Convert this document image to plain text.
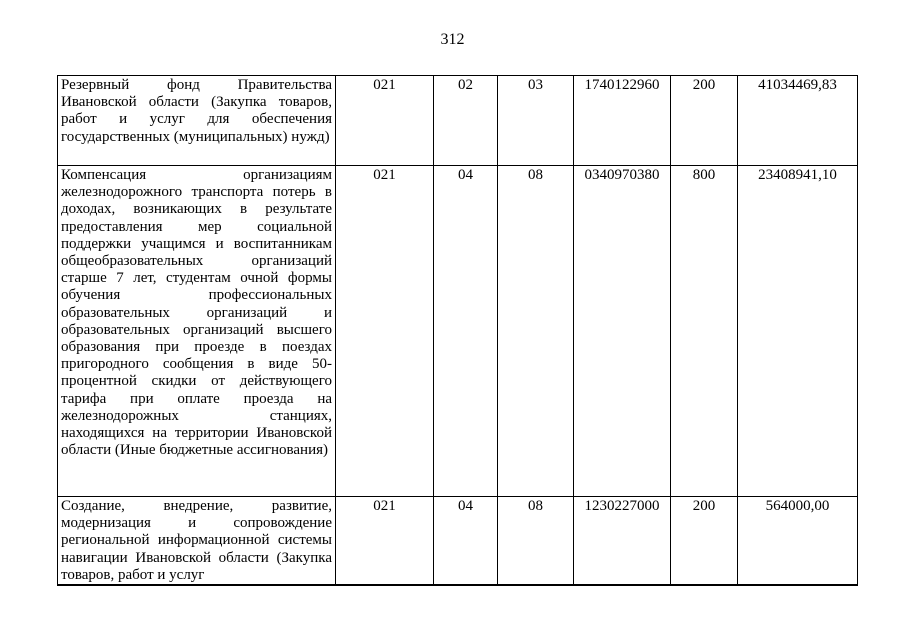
312
Резервный фонд Правительства Ивановской области (Закупка товаров, работ и услуг для обеспечения государственных (муниципальных) нужд)	021	02	03	1740122960	200	41034469,83
Компенсация организациям железнодорожного транспорта потерь в доходах, возникающих в результате предоставления мер социальной поддержки учащимся и воспитанникам общеобразовательных организаций старше 7 лет, студентам очной формы обучения профессиональных образовательных организаций и образовательных организаций высшего образования при проезде в поездах пригородного сообщения в виде 50-процентной скидки от действующего тарифа при оплате проезда на железнодорожных станциях, находящихся на территории Ивановской области (Иные бюджетные ассигнования)	021	04	08	0340970380	800	23408941,10

Создание, внедрение, развитие, модернизация и сопровождение региональной информационной системы навигации Ивановской области (Закупка товаров, работ и услуг	021	04	08	1230227000	200	564000,00
